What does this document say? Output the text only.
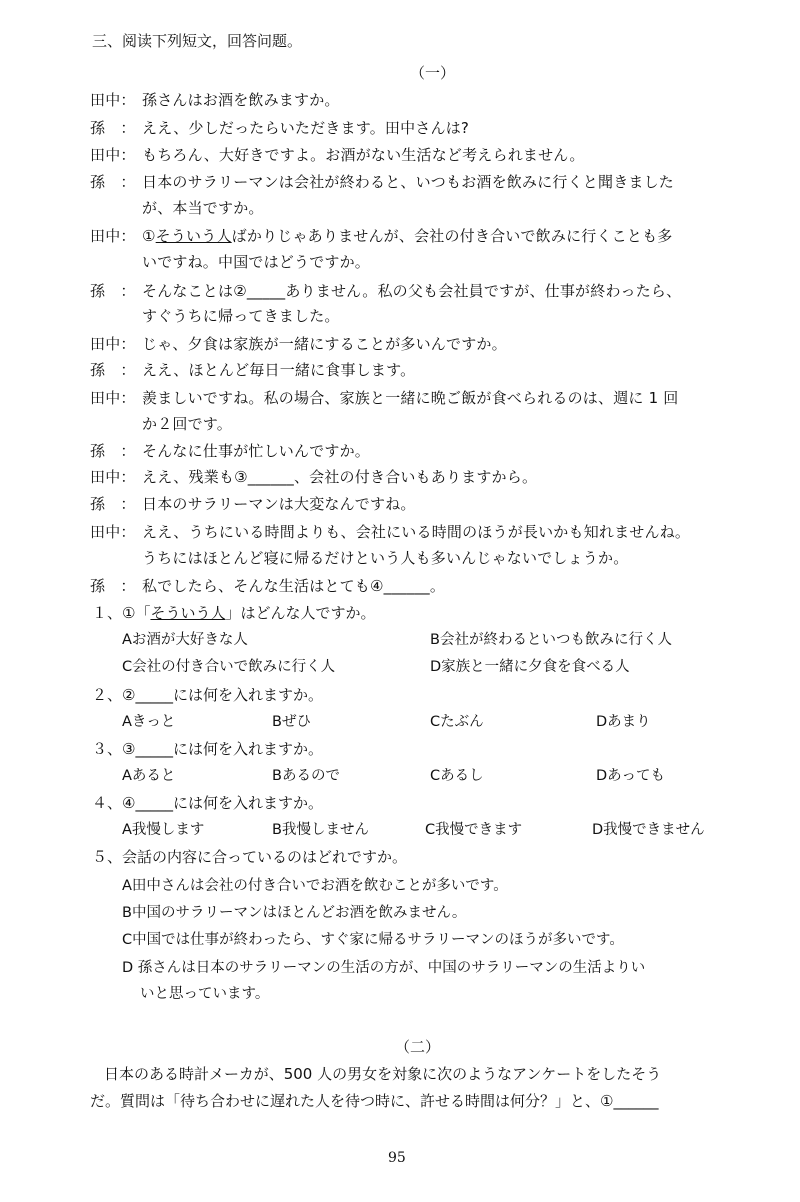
三、阅读下列短文，回答问题。
（一）
田中： 孫さんはお酒を飲みますか。
孫　： ええ、少しだったらいただきます。田中さんは?
田中： もちろん、大好きですよ。お酒がない生活など考えられません。
孫　： 日本のサラリーマンは会社が終わると、いつもお酒を飲みに行くと聞きました
が、本当ですか。
田中： ①そういう人ばかりじゃありませんが、会社の付き合いで飲みに行くことも多
いですね。中国ではどうですか。
孫　： そんなことは②_____ありません。私の父も会社員ですが、仕事が終わったら、
すぐうちに帰ってきました。
田中： じゃ、夕食は家族が一緒にすることが多いんですか。
孫　： ええ、ほとんど毎日一緒に食事します。
田中： 羨ましいですね。私の場合、家族と一緒に晩ご飯が食べられるのは、週に 1 回
か２回です。
孫　： そんなに仕事が忙しいんですか。
田中： ええ、残業も③______、会社の付き合いもありますから。
孫　： 日本のサラリーマンは大変なんですね。
田中： ええ、うちにいる時間よりも、会社にいる時間のほうが長いかも知れませんね。
うちにはほとんど寝に帰るだけという人も多いんじゃないでしょうか。
孫　： 私でしたら、そんな生活はとても④______。
１、①「そういう人」はどんな人ですか。
Aお酒が大好きな人	B会社が終わるといつも飲みに行く人
C会社の付き合いで飲みに行く人	D家族と一緒に夕食を食べる人
２、②_____には何を入れますか。
Aきっと	Bぜひ	Cたぶん	Dあまり
３、③_____には何を入れますか。
Aあると	Bあるので	Cあるし	Dあっても
４、④_____には何を入れますか。
A我慢します	B我慢しません	C我慢できます	D我慢できません
５、会話の内容に合っているのはどれですか。
A田中さんは会社の付き合いでお酒を飲むことが多いです。
B中国のサラリーマンはほとんどお酒を飲みません。
C中国では仕事が終わったら、すぐ家に帰るサラリーマンのほうが多いです。
D 孫さんは日本のサラリーマンの生活の方が、中国のサラリーマンの生活よりい
いと思っています。
（二）
日本のある時計メーカが、500 人の男女を対象に次のようなアンケートをしたそう
だ。質問は「待ち合わせに遅れた人を待つ時に、許せる時間は何分？」と、①______
95
